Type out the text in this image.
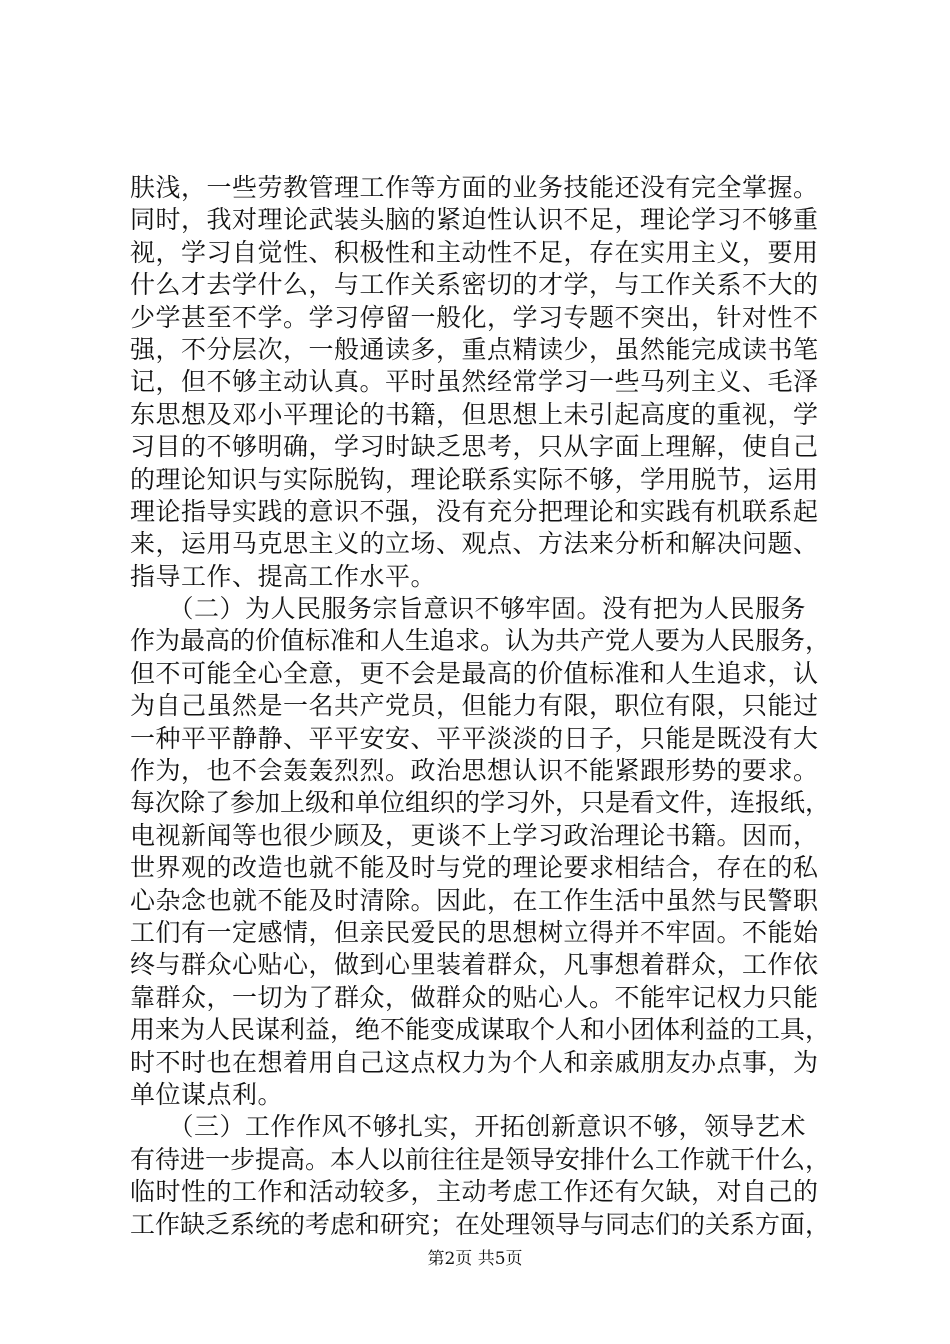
肤浅，一些劳教管理工作等方面的业务技能还没有完全掌握。
同时，我对理论武装头脑的紧迫性认识不足，理论学习不够重
视，学习自觉性、积极性和主动性不足，存在实用主义，要用
什么才去学什么，与工作关系密切的才学，与工作关系不大的
少学甚至不学。学习停留一般化，学习专题不突出，针对性不
强，不分层次，一般通读多，重点精读少，虽然能完成读书笔
记，但不够主动认真。平时虽然经常学习一些马列主义、毛泽
东思想及邓小平理论的书籍，但思想上未引起高度的重视，学
习目的不够明确，学习时缺乏思考，只从字面上理解，使自己
的理论知识与实际脱钩，理论联系实际不够，学用脱节，运用
理论指导实践的意识不强，没有充分把理论和实践有机联系起
来，运用马克思主义的立场、观点、方法来分析和解决问题、
指导工作、提高工作水平。
　　（二）为人民服务宗旨意识不够牢固。没有把为人民服务
作为最高的价值标准和人生追求。认为共产党人要为人民服务，
但不可能全心全意，更不会是最高的价值标准和人生追求，认
为自己虽然是一名共产党员，但能力有限，职位有限，只能过
一种平平静静、平平安安、平平淡淡的日子，只能是既没有大
作为，也不会轰轰烈烈。政治思想认识不能紧跟形势的要求。
每次除了参加上级和单位组织的学习外，只是看文件，连报纸，
电视新闻等也很少顾及，更谈不上学习政治理论书籍。因而，
世界观的改造也就不能及时与党的理论要求相结合，存在的私
心杂念也就不能及时清除。因此，在工作生活中虽然与民警职
工们有一定感情，但亲民爱民的思想树立得并不牢固。不能始
终与群众心贴心，做到心里装着群众，凡事想着群众，工作依
靠群众，一切为了群众，做群众的贴心人。不能牢记权力只能
用来为人民谋利益，绝不能变成谋取个人和小团体利益的工具，
时不时也在想着用自己这点权力为个人和亲戚朋友办点事，为
单位谋点利。
　　（三）工作作风不够扎实，开拓创新意识不够，领导艺术
有待进一步提高。本人以前往往是领导安排什么工作就干什么，
临时性的工作和活动较多，主动考虑工作还有欠缺，对自己的
工作缺乏系统的考虑和研究；在处理领导与同志们的关系方面，
第2页 共5页
